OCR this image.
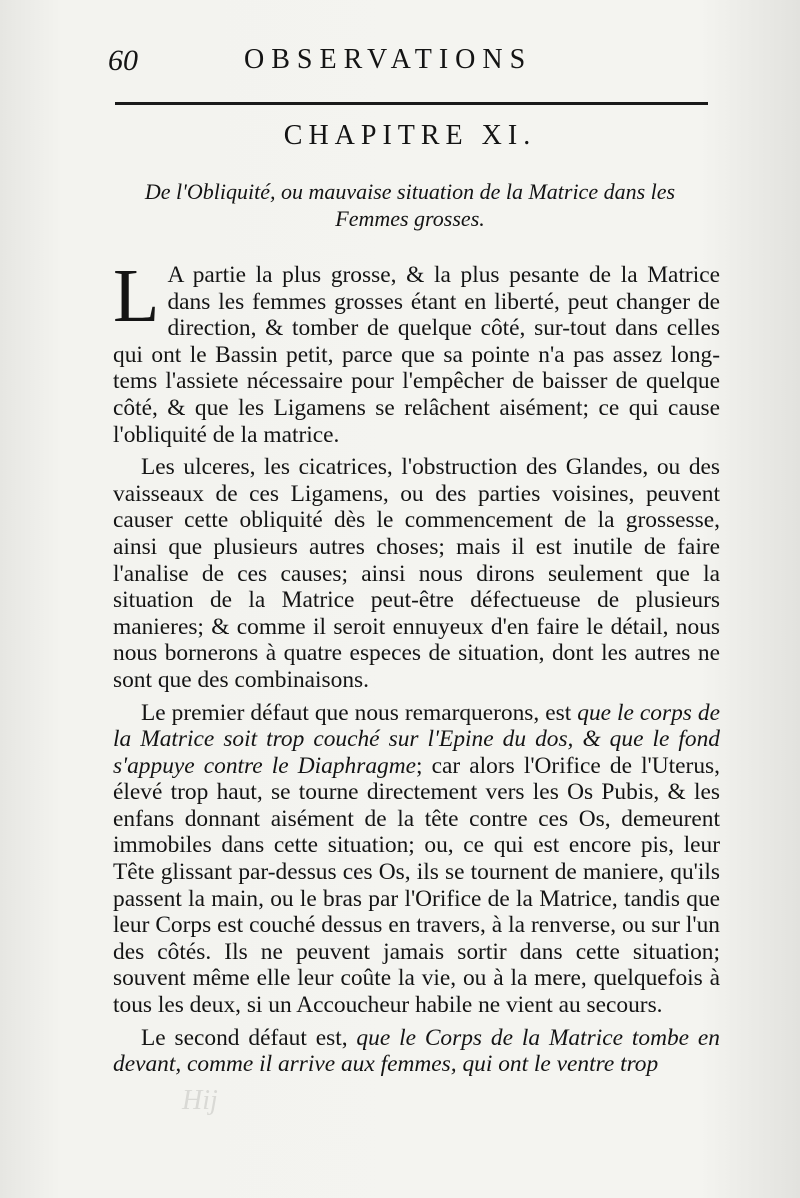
60	OBSERVATIONS
CHAPITRE XI.
De l'Obliquité, ou mauvaise situation de la Matrice dans les Femmes grosses.

L A partie la plus grosse, & la plus pesante de la Matrice dans les femmes grosses étant en liberté, peut changer de direction, & tomber de quelque côté, sur-tout dans celles qui ont le Bassin petit, parce que sa pointe n'a pas assez long-tems l'assiete nécessaire pour l'empêcher de baisser de quelque côté, & que les Ligamens se relâchent aisément; ce qui cause l'obliquité de la matrice.

Les ulceres, les cicatrices, l'obstruction des Glandes, ou des vaisseaux de ces Ligamens, ou des parties voisines, peuvent causer cette obliquité dès le commencement de la grossesse, ainsi que plusieurs autres choses; mais il est inutile de faire l'analise de ces causes; ainsi nous dirons seulement que la situation de la Matrice peut-être défectueuse de plusieurs manieres; & comme il seroit ennuyeux d'en faire le détail, nous nous bornerons à quatre especes de situation, dont les autres ne sont que des combinaisons.

Le premier défaut que nous remarquerons, est que le corps de la Matrice soit trop couché sur l'Epine du dos, & que le fond s'appuye contre le Diaphragme; car alors l'Orifice de l'Uterus, élevé trop haut, se tourne directement vers les Os Pubis, & les enfans donnant aisément de la tête contre ces Os, demeurent immobiles dans cette situation; ou, ce qui est encore pis, leur Tête glissant par-dessus ces Os, ils se tournent de maniere, qu'ils passent la main, ou le bras par l'Orifice de la Matrice, tandis que leur Corps est couché dessus en travers, à la renverse, ou sur l'un des côtés. Ils ne peuvent jamais sortir dans cette situation; souvent même elle leur coûte la vie, ou à la mere, quelquefois à tous les deux, si un Accoucheur habile ne vient au secours.

Le second défaut est, que le Corps de la Matrice tombe en devant, comme il arrive aux femmes, qui ont le ventre trop

Hij
